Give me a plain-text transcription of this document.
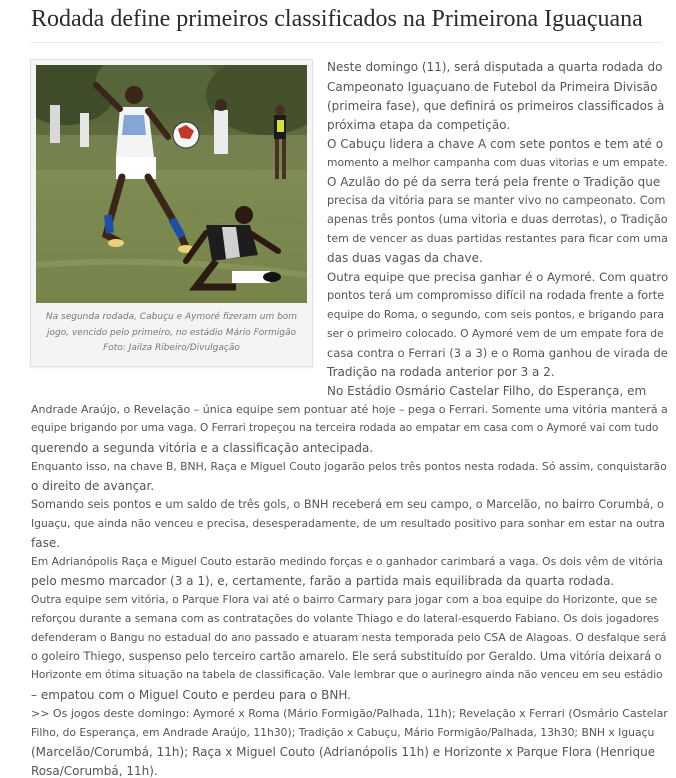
Rodada define primeiros classificados na Primeirona Iguaçuana
Na segunda rodada, Cabuçu e Aymoré fizeram um bom
jogo, vencido pelo primeiro, no estádio Mário Formigão
Foto: Jailza Ribeiro/Divulgação
Neste domingo (11), será disputada a quarta rodada do
Campeonato Iguaçuano de Futebol da Primeira Divisão
(primeira fase), que definirá os primeiros classificados à
próxima etapa da competição.
O Cabuçu lidera a chave A com sete pontos e tem até o
momento a melhor campanha com duas vitorias e um empate.
O Azulão do pé da serra terá pela frente o Tradição que
precisa da vitória para se manter vivo no campeonato. Com
apenas três pontos (uma vitoria e duas derrotas), o Tradição
tem de vencer as duas partidas restantes para ficar com uma
das duas vagas da chave.
Outra equipe que precisa ganhar é o Aymoré. Com quatro
pontos terá um compromisso difícil na rodada frente a forte
equipe do Roma, o segundo, com seis pontos, e brigando para
ser o primeiro colocado. O Aymoré vem de um empate fora de
casa contra o Ferrari (3 a 3) e o Roma ganhou de virada de
Tradição na rodada anterior por 3 a 2.
No Estádio Osmário Castelar Filho, do Esperança, em
Andrade Araújo, o Revelação – única equipe sem pontuar até hoje – pega o Ferrari. Somente uma vitória manterá a
equipe brigando por uma vaga. O Ferrari tropeçou na terceira rodada ao empatar em casa com o Aymoré vai com tudo
querendo a segunda vitória e a classificação antecipada.
Enquanto isso, na chave B, BNH, Raça e Miguel Couto jogarão pelos três pontos nesta rodada. Só assim, conquistarão
o direito de avançar.
Somando seis pontos e um saldo de três gols, o BNH receberá em seu campo, o Marcelão, no bairro Corumbá, o
Iguaçu, que ainda não venceu e precisa, desesperadamente, de um resultado positivo para sonhar em estar na outra
fase.
Em Adrianópolis Raça e Miguel Couto estarão medindo forças e o ganhador carimbará a vaga. Os dois vêm de vitória
pelo mesmo marcador (3 a 1), e, certamente, farão a partida mais equilibrada da quarta rodada.
Outra equipe sem vitória, o Parque Flora vai até o bairro Carmary para jogar com a boa equipe do Horizonte, que se
reforçou durante a semana com as contratações do volante Thiago e do lateral-esquerdo Fabiano. Os dois jogadores
defenderam o Bangu no estadual do ano passado e atuaram nesta temporada pelo CSA de Alagoas. O desfalque será
o goleiro Thiego, suspenso pelo terceiro cartão amarelo. Ele será substituído por Geraldo. Uma vitória deixará o
Horizonte em ótima situação na tabela de classificação. Vale lembrar que o aurinegro ainda não venceu em seu estádio
– empatou com o Miguel Couto e perdeu para o BNH.
>> Os jogos deste domingo: Aymoré x Roma (Mário Formigão/Palhada, 11h); Revelação x Ferrari (Osmário Castelar
Filho, do Esperança, em Andrade Araújo, 11h30); Tradição x Cabuçu, Mário Formigão/Palhada, 13h30; BNH x Iguaçu
(Marcelão/Corumbá, 11h); Raça x Miguel Couto (Adrianópolis 11h) e Horizonte x Parque Flora (Henrique
Rosa/Corumbá, 11h).
